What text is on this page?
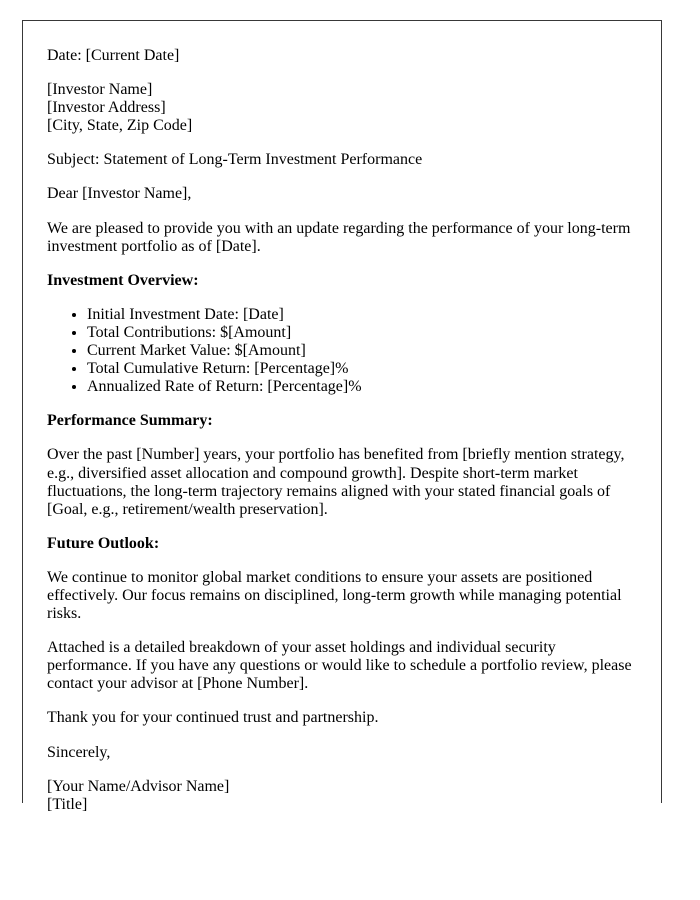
Date: [Current Date]

[Investor Name]
[Investor Address]
[City, State, Zip Code]

Subject: Statement of Long-Term Investment Performance

Dear [Investor Name],

We are pleased to provide you with an update regarding the performance of your long-term investment portfolio as of [Date].

Investment Overview:

• Initial Investment Date: [Date]
• Total Contributions: $[Amount]
• Current Market Value: $[Amount]
• Total Cumulative Return: [Percentage]%
• Annualized Rate of Return: [Percentage]%

Performance Summary:

Over the past [Number] years, your portfolio has benefited from [briefly mention strategy, e.g., diversified asset allocation and compound growth]. Despite short-term market fluctuations, the long-term trajectory remains aligned with your stated financial goals of [Goal, e.g., retirement/wealth preservation].

Future Outlook:

We continue to monitor global market conditions to ensure your assets are positioned effectively. Our focus remains on disciplined, long-term growth while managing potential risks.

Attached is a detailed breakdown of your asset holdings and individual security performance. If you have any questions or would like to schedule a portfolio review, please contact your advisor at [Phone Number].

Thank you for your continued trust and partnership.

Sincerely,

[Your Name/Advisor Name]
[Title]
